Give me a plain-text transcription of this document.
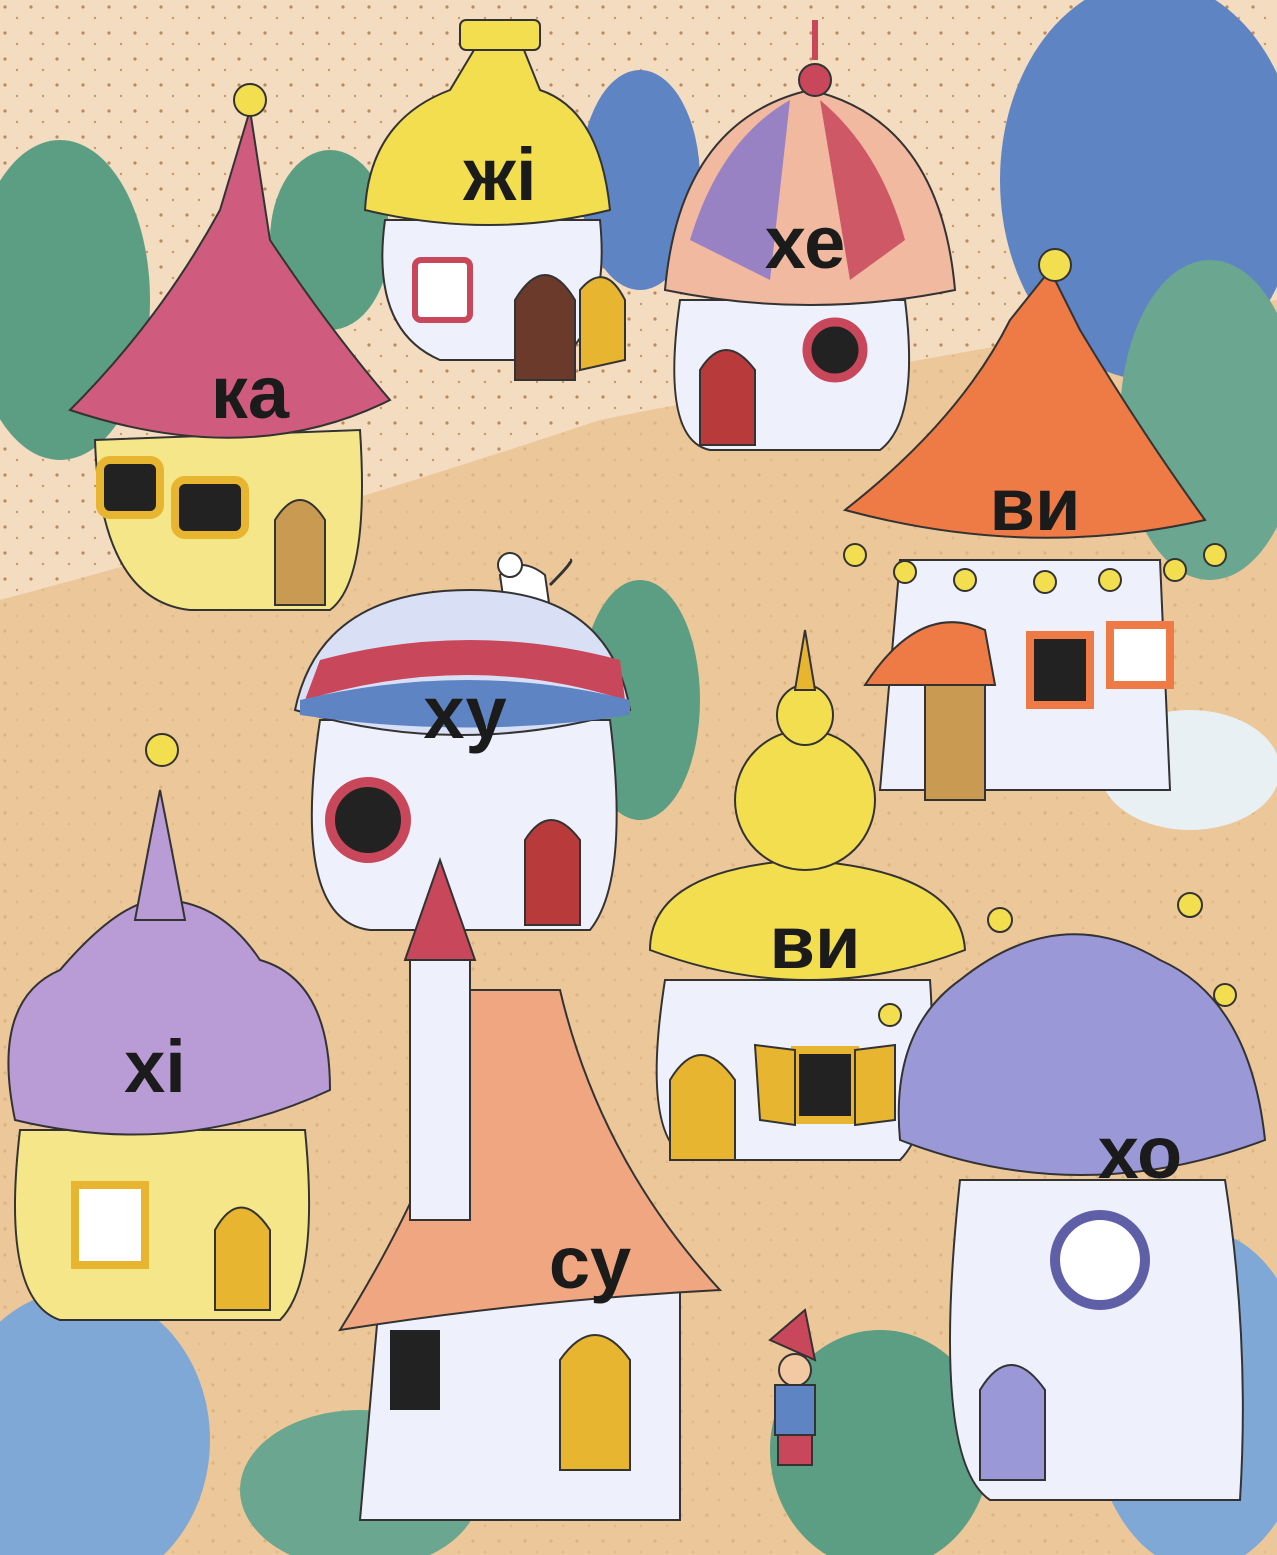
ка
жі
хе
ви
ху
ви
хі
су
хо
